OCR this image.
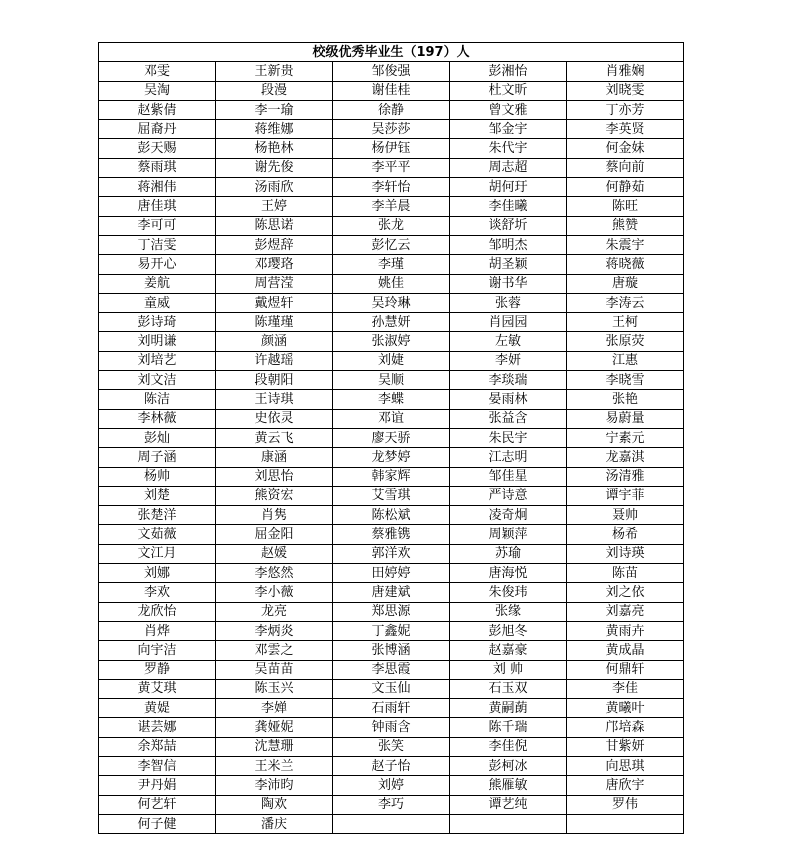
校级优秀毕业生（197）人				
邓雯	王新贵	邹俊强	彭湘怡	肖雅娴
吴淘	段漫	谢佳桂	杜文昕	刘晓雯
赵紫倩	李一瑜	徐静	曾文雅	丁亦芳
屈裔丹	蒋维娜	吴莎莎	邹金宇	李英贤
彭天赐	杨艳林	杨伊钰	朱代宇	何金妹
蔡雨琪	谢先俊	李平平	周志超	蔡向前
蒋湘伟	汤雨欣	李轩怡	胡何玗	何静茹
唐佳琪	王婷	李羊晨	李佳曦	陈旺
李可可	陈思诺	张龙	谈舒圻	熊赞
丁洁雯	彭煜辞	彭忆云	邹明杰	朱震宇
易开心	邓璎珞	李瑾	胡圣颖	蒋晓薇
姜航	周营滢	姚佳	谢书华	唐璇
童威	戴煜轩	吴玲琳	张蓉	李涛云
彭诗琦	陈瑾瑾	孙慧妍	肖园园	王柯
刘明谦	颜涵	张淑婷	左敏	张原荧
刘培艺	许越瑶	刘婕	李妍	江惠
刘文洁	段朝阳	吴顺	李琰瑞	李晓雪
陈洁	王诗琪	李蝶	晏雨林	张艳
李林薇	史依灵	邓谊	张益含	易蔚量
彭灿	黄云飞	廖天骄	朱民宇	宁素元
周子涵	康涵	龙梦婷	江志明	龙嘉淇
杨帅	刘思怡	韩家辉	邹佳星	汤清雅
刘楚	熊资宏	艾雪琪	严诗意	谭宇菲
张楚洋	肖隽	陈松斌	凌奇炯	聂帅
文茹薇	屈金阳	蔡雅镌	周颖萍	杨希
文江月	赵媛	郭洋欢	苏瑜	刘诗瑛
刘娜	李悠然	田婷婷	唐海悦	陈苗
李欢	李小薇	唐建斌	朱俊玮	刘之依
龙欣怡	龙亮	郑思源	张缘	刘嘉亮
肖烨	李炳炎	丁鑫妮	彭旭冬	黄雨卉
向宇洁	邓雲之	张博涵	赵嘉豪	黄成晶
罗静	吴苗苗	李思霞	刘 帅	何鼎轩
黄艾琪	陈玉兴	文玉仙	石玉双	李佳
黄媞	李婵	石雨轩	黄嗣蓢	黄曦叶
谌芸娜	龚娅妮	钟雨含	陈千瑞	邝培森
余郑喆	沈慧珊	张笑	李佳倪	甘紫妍
李智信	王米兰	赵子怡	彭柯冰	向思琪
尹丹娟	李沛昀	刘婷	熊雁敏	唐欣宇
何艺轩	陶欢	李巧	谭艺纯	罗伟
何子健	潘庆			
